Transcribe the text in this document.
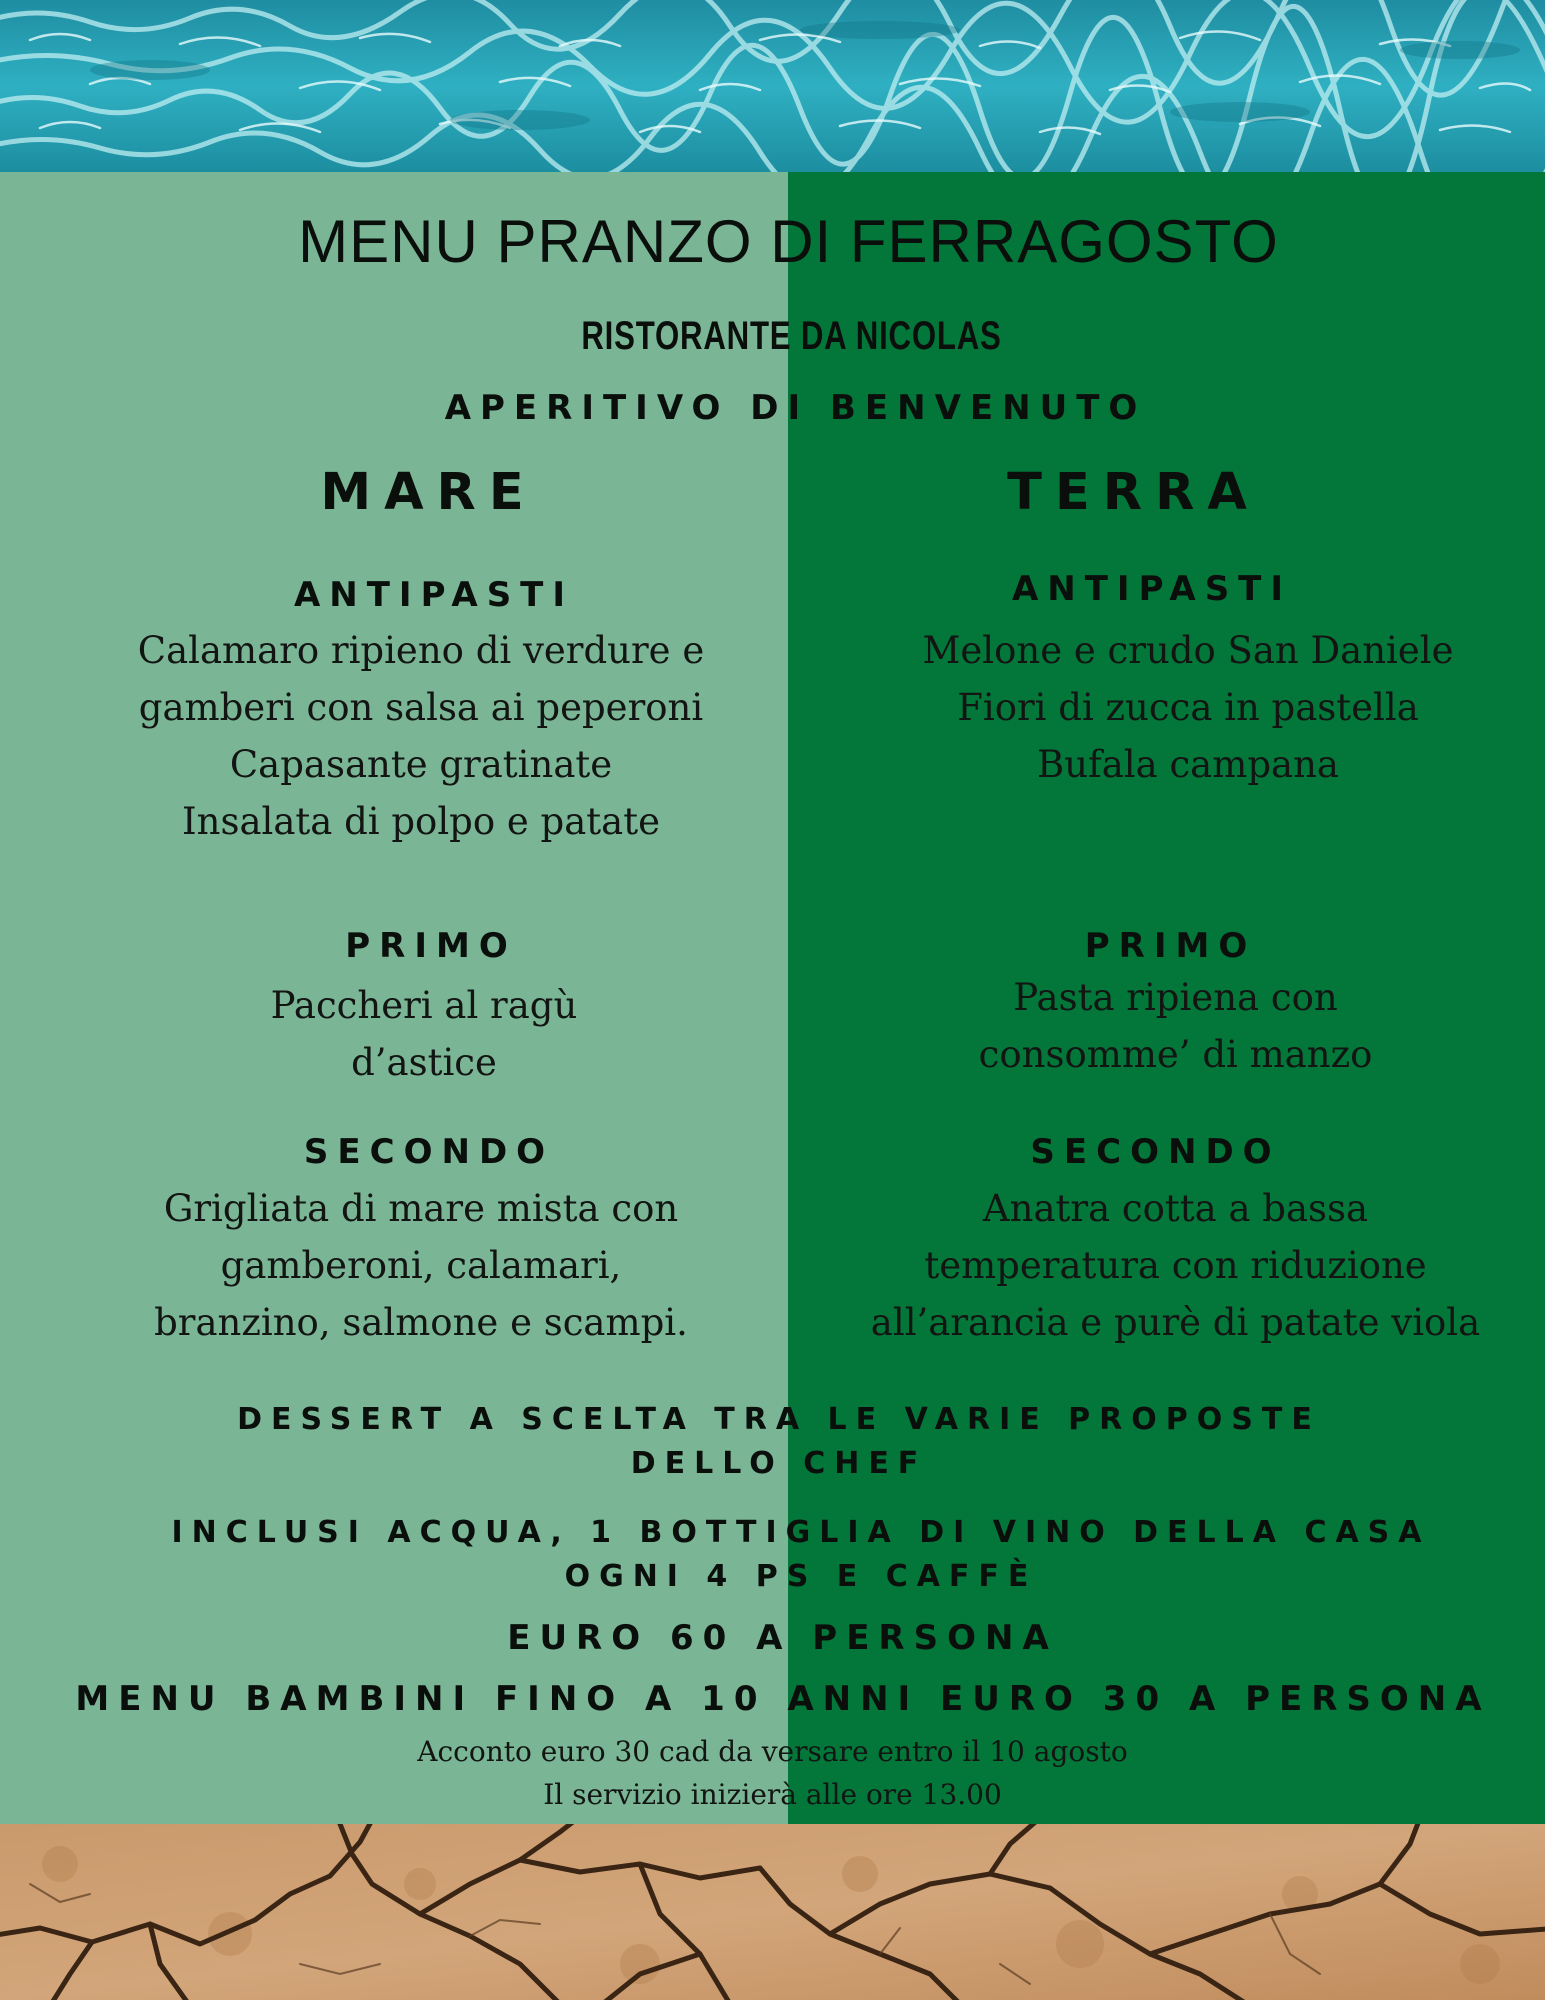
MENU PRANZO DI FERRAGOSTO
RISTORANTE DA NICOLAS
APERITIVO DI BENVENUTO
MARE
ANTIPASTI
Calamaro ripieno di verdure e
gamberi con salsa ai peperoni
Capasante gratinate
Insalata di polpo e patate
PRIMO
Paccheri al ragù
d’astice
SECONDO
Grigliata di mare mista con
gamberoni, calamari,
branzino, salmone e scampi.
TERRA
ANTIPASTI
Melone e crudo San Daniele
Fiori di zucca in pastella
Bufala campana
PRIMO
Pasta ripiena con
consomme’ di manzo
SECONDO
Anatra cotta a bassa
temperatura con riduzione
all’arancia e purè di patate viola
DESSERT A SCELTA TRA LE VARIE PROPOSTE
DELLO CHEF
INCLUSI ACQUA, 1 BOTTIGLIA DI VINO DELLA CASA
OGNI 4 PS E CAFFÈ
EURO 60 A PERSONA
MENU BAMBINI FINO A 10 ANNI EURO 30 A PERSONA
Acconto euro 30 cad da versare entro il 10 agosto
Il servizio inizierà alle ore 13.00
